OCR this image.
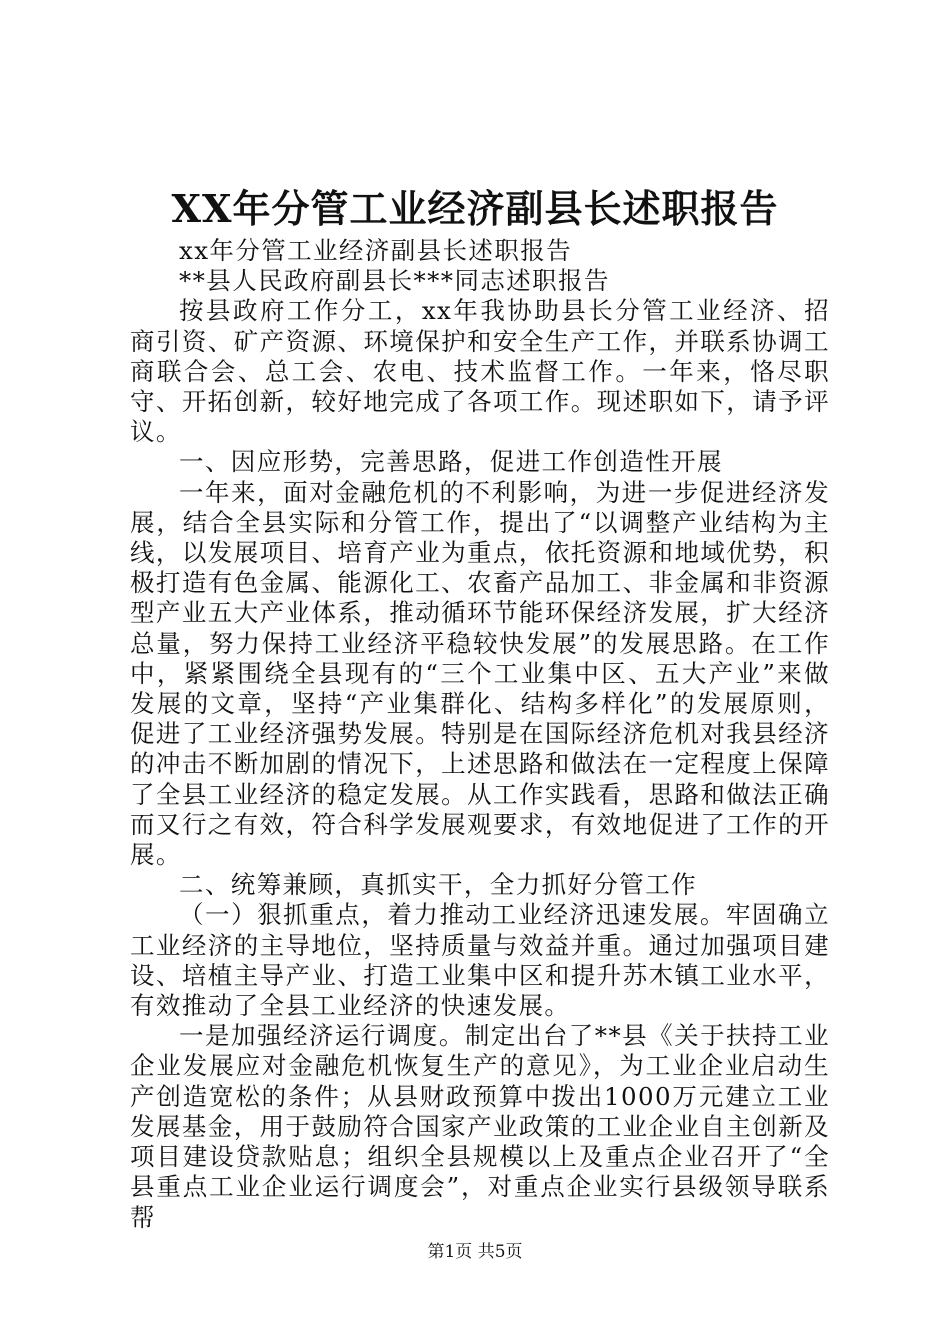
XX年分管工业经济副县长述职报告

xx年分管工业经济副县长述职报告

**县人民政府副县长***同志述职报告

按县政府工作分工，xx年我协助县长分管工业经济、招商引资、矿产资源、环境保护和安全生产工作，并联系协调工商联合会、总工会、农电、技术监督工作。一年来，恪尽职守、开拓创新，较好地完成了各项工作。现述职如下，请予评议。

一、因应形势，完善思路，促进工作创造性开展

一年来，面对金融危机的不利影响，为进一步促进经济发展，结合全县实际和分管工作，提出了“以调整产业结构为主线，以发展项目、培育产业为重点，依托资源和地域优势，积极打造有色金属、能源化工、农畜产品加工、非金属和非资源型产业五大产业体系，推动循环节能环保经济发展，扩大经济总量，努力保持工业经济平稳较快发展”的发展思路。在工作中，紧紧围绕全县现有的“三个工业集中区、五大产业”来做发展的文章，坚持“产业集群化、结构多样化”的发展原则，促进了工业经济强势发展。特别是在国际经济危机对我县经济的冲击不断加剧的情况下，上述思路和做法在一定程度上保障了全县工业经济的稳定发展。从工作实践看，思路和做法正确而又行之有效，符合科学发展观要求，有效地促进了工作的开展。

二、统筹兼顾，真抓实干，全力抓好分管工作

（一）狠抓重点，着力推动工业经济迅速发展。牢固确立工业经济的主导地位，坚持质量与效益并重。通过加强项目建设、培植主导产业、打造工业集中区和提升苏木镇工业水平，有效推动了全县工业经济的快速发展。

一是加强经济运行调度。制定出台了**县《关于扶持工业企业发展应对金融危机恢复生产的意见》，为工业企业启动生产创造宽松的条件；从县财政预算中拨出1000万元建立工业发展基金，用于鼓励符合国家产业政策的工业企业自主创新及项目建设贷款贴息；组织全县规模以上及重点企业召开了“全县重点工业企业运行调度会”，对重点企业实行县级领导联系帮

第1页 共5页
